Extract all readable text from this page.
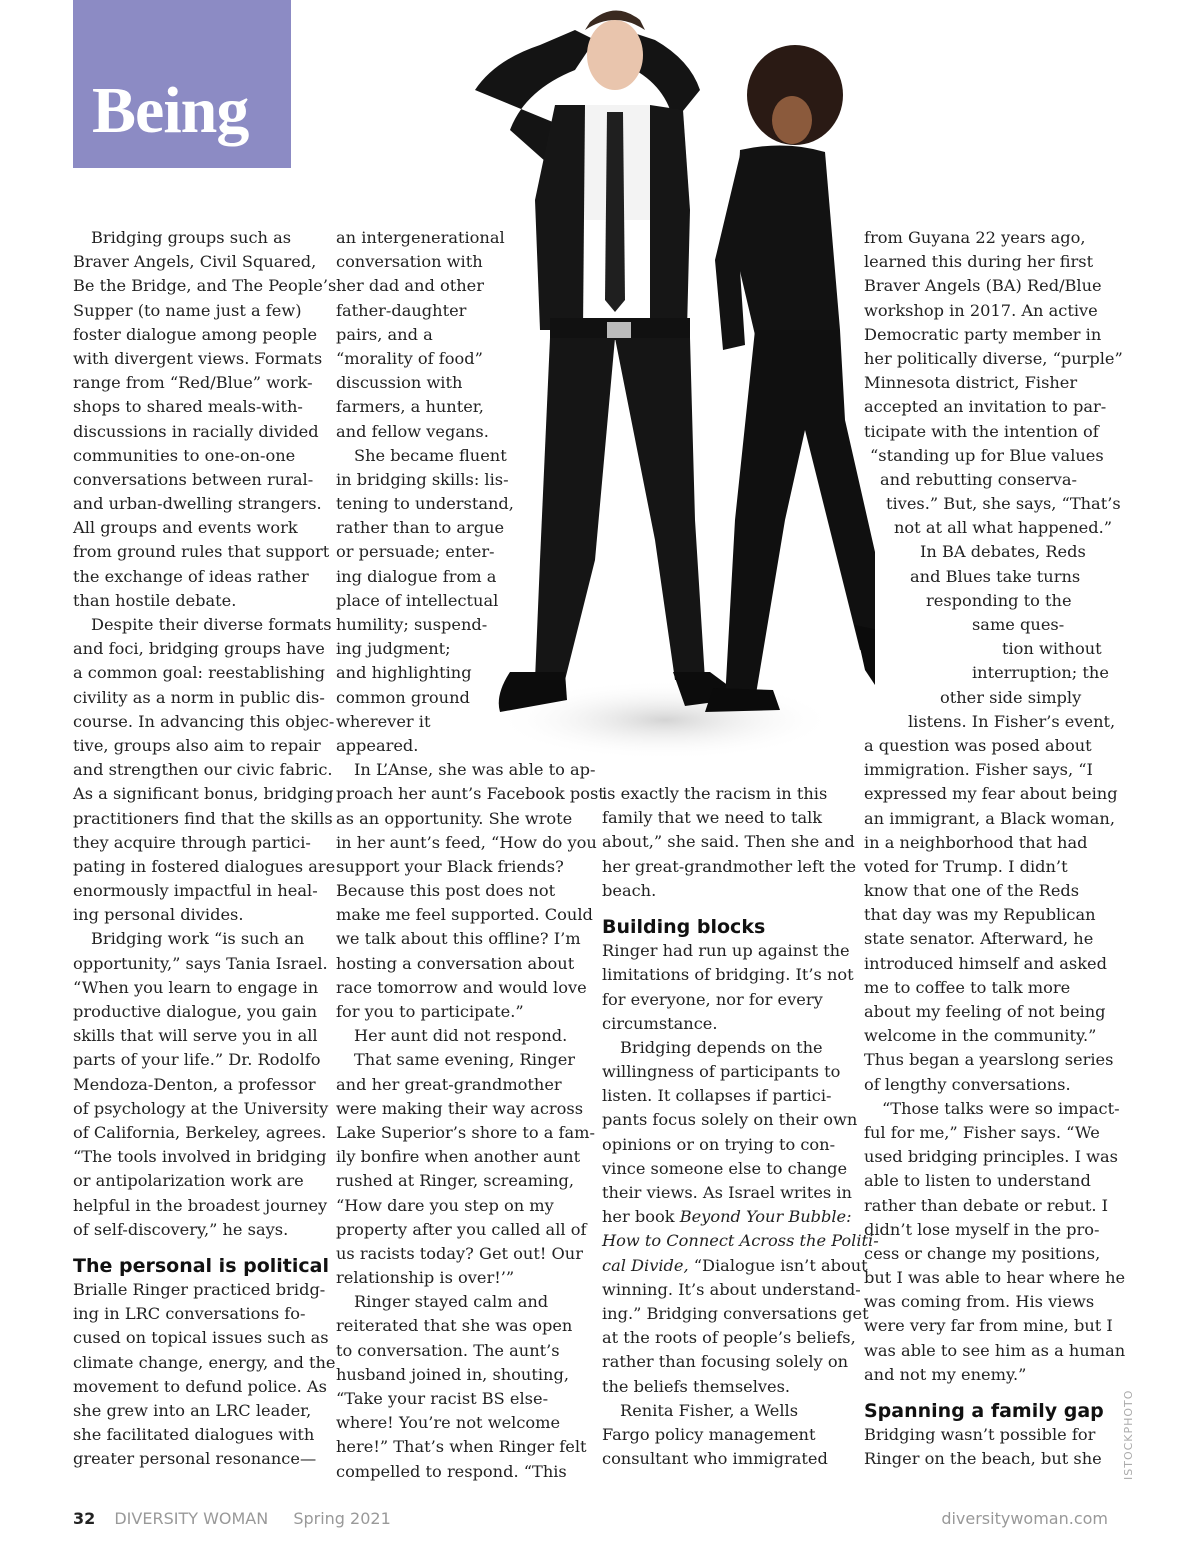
Being
Bridging groups such as
Braver Angels, Civil Squared,
Be the Bridge, and The People’s
Supper (to name just a few)
foster dialogue among people
with divergent views. Formats
range from “Red/Blue” work-
shops to shared meals-with-
discussions in racially divided
communities to one-on-one
conversations between rural-
and urban-dwelling strangers.
All groups and events work
from ground rules that support
the exchange of ideas rather
than hostile debate.
Despite their diverse formats
and foci, bridging groups have
a common goal: reestablishing
civility as a norm in public dis-
course. In advancing this objec-
tive, groups also aim to repair
and strengthen our civic fabric.
As a significant bonus, bridging
practitioners find that the skills
they acquire through partici-
pating in fostered dialogues are
enormously impactful in heal-
ing personal divides.
Bridging work “is such an
opportunity,” says Tania Israel.
“When you learn to engage in
productive dialogue, you gain
skills that will serve you in all
parts of your life.” Dr. Rodolfo
Mendoza-Denton, a professor
of psychology at the University
of California, Berkeley, agrees.
“The tools involved in bridging
or antipolarization work are
helpful in the broadest journey
of self-discovery,” he says.
The personal is political
Brialle Ringer practiced bridg-
ing in LRC conversations fo-
cused on topical issues such as
climate change, energy, and the
movement to defund police. As
she grew into an LRC leader,
she facilitated dialogues with
greater personal resonance—
an intergenerational
conversation with
her dad and other
father-daughter
pairs, and a
“morality of food”
discussion with
farmers, a hunter,
and fellow vegans.
She became fluent
in bridging skills: lis-
tening to understand,
rather than to argue
or persuade; enter-
ing dialogue from a
place of intellectual
humility; suspend-
ing judgment;
and highlighting
common ground
wherever it
appeared.
In L’Anse, she was able to ap-
proach her aunt’s Facebook post
as an opportunity. She wrote
in her aunt’s feed, “How do you
support your Black friends?
Because this post does not
make me feel supported. Could
we talk about this offline? I’m
hosting a conversation about
race tomorrow and would love
for you to participate.”
Her aunt did not respond.
That same evening, Ringer
and her great-grandmother
were making their way across
Lake Superior’s shore to a fam-
ily bonfire when another aunt
rushed at Ringer, screaming,
“How dare you step on my
property after you called all of
us racists today? Get out! Our
relationship is over!’”
Ringer stayed calm and
reiterated that she was open
to conversation. The aunt’s
husband joined in, shouting,
“Take your racist BS else-
where! You’re not welcome
here!” That’s when Ringer felt
compelled to respond. “This
is exactly the racism in this
family that we need to talk
about,” she said. Then she and
her great-grandmother left the
beach.
Building blocks
Ringer had run up against the
limitations of bridging. It’s not
for everyone, nor for every
circumstance.
Bridging depends on the
willingness of participants to
listen. It collapses if partici-
pants focus solely on their own
opinions or on trying to con-
vince someone else to change
their views. As Israel writes in
her book Beyond Your Bubble:
How to Connect Across the Politi-
cal Divide, “Dialogue isn’t about
winning. It’s about understand-
ing.” Bridging conversations get
at the roots of people’s beliefs,
rather than focusing solely on
the beliefs themselves.
Renita Fisher, a Wells
Fargo policy management
consultant who immigrated
from Guyana 22 years ago,
learned this during her first
Braver Angels (BA) Red/Blue
workshop in 2017. An active
Democratic party member in
her politically diverse, “purple”
Minnesota district, Fisher
accepted an invitation to par-
ticipate with the intention of
“standing up for Blue values
and rebutting conserva-
tives.” But, she says, “That’s
not at all what happened.”
In BA debates, Reds
and Blues take turns
responding to the
same ques-
tion without
interruption; the
other side simply
listens. In Fisher’s event,
a question was posed about
immigration. Fisher says, “I
expressed my fear about being
an immigrant, a Black woman,
in a neighborhood that had
voted for Trump. I didn’t
know that one of the Reds
that day was my Republican
state senator. Afterward, he
introduced himself and asked
me to coffee to talk more
about my feeling of not being
welcome in the community.”
Thus began a yearslong series
of lengthy conversations.
“Those talks were so impact-
ful for me,” Fisher says. “We
used bridging principles. I was
able to listen to understand
rather than debate or rebut. I
didn’t lose myself in the pro-
cess or change my positions,
but I was able to hear where he
was coming from. His views
were very far from mine, but I
was able to see him as a human
and not my enemy.”
Spanning a family gap
Bridging wasn’t possible for
Ringer on the beach, but she	ISTOCKPHOTO
32 DIVERSITY WOMAN Spring 2021	diversitywoman.com
